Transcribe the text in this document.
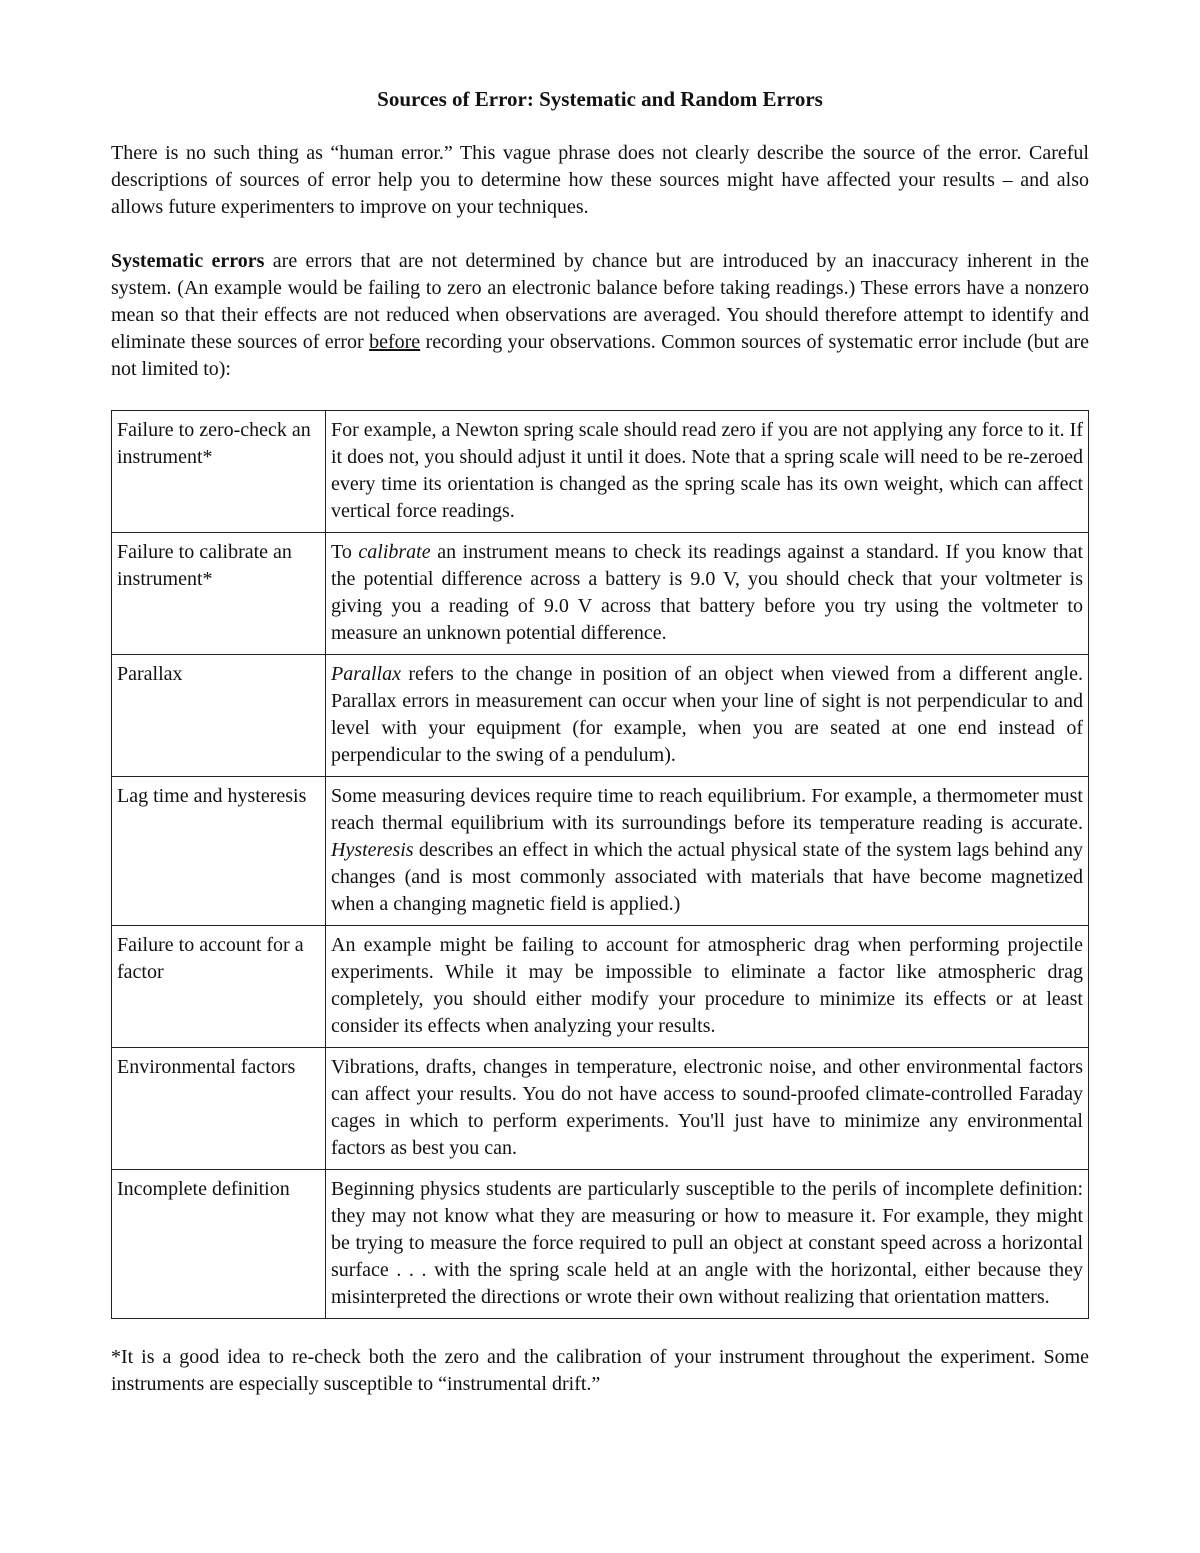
Sources of Error: Systematic and Random Errors

There is no such thing as “human error.” This vague phrase does not clearly describe the source of the error. Careful descriptions of sources of error help you to determine how these sources might have affected your results – and also allows future experimenters to improve on your techniques.

Systematic errors are errors that are not determined by chance but are introduced by an inaccuracy inherent in the system. (An example would be failing to zero an electronic balance before taking readings.) These errors have a nonzero mean so that their effects are not reduced when observations are averaged. You should therefore attempt to identify and eliminate these sources of error before recording your observations. Common sources of systematic error include (but are not limited to):

Failure to zero-check an instrument*	For example, a Newton spring scale should read zero if you are not applying any force to it. If it does not, you should adjust it until it does. Note that a spring scale will need to be re-zeroed every time its orientation is changed as the spring scale has its own weight, which can affect vertical force readings.
Failure to calibrate an instrument*	To calibrate an instrument means to check its readings against a standard. If you know that the potential difference across a battery is 9.0 V, you should check that your voltmeter is giving you a reading of 9.0 V across that battery before you try using the voltmeter to measure an unknown potential difference.
Parallax	Parallax refers to the change in position of an object when viewed from a different angle. Parallax errors in measurement can occur when your line of sight is not perpendicular to and level with your equipment (for example, when you are seated at one end instead of perpendicular to the swing of a pendulum).
Lag time and hysteresis	Some measuring devices require time to reach equilibrium. For example, a thermometer must reach thermal equilibrium with its surroundings before its temperature reading is accurate. Hysteresis describes an effect in which the actual physical state of the system lags behind any changes (and is most commonly associated with materials that have become magnetized when a changing magnetic field is applied.)
Failure to account for a factor	An example might be failing to account for atmospheric drag when performing projectile experiments. While it may be impossible to eliminate a factor like atmospheric drag completely, you should either modify your procedure to minimize its effects or at least consider its effects when analyzing your results.
Environmental factors	Vibrations, drafts, changes in temperature, electronic noise, and other environmental factors can affect your results. You do not have access to sound-proofed climate-controlled Faraday cages in which to perform experiments. You'll just have to minimize any environmental factors as best you can.
Incomplete definition	Beginning physics students are particularly susceptible to the perils of incomplete definition: they may not know what they are measuring or how to measure it. For example, they might be trying to measure the force required to pull an object at constant speed across a horizontal surface . . . with the spring scale held at an angle with the horizontal, either because they misinterpreted the directions or wrote their own without realizing that orientation matters.

*It is a good idea to re-check both the zero and the calibration of your instrument throughout the experiment. Some instruments are especially susceptible to “instrumental drift.”
